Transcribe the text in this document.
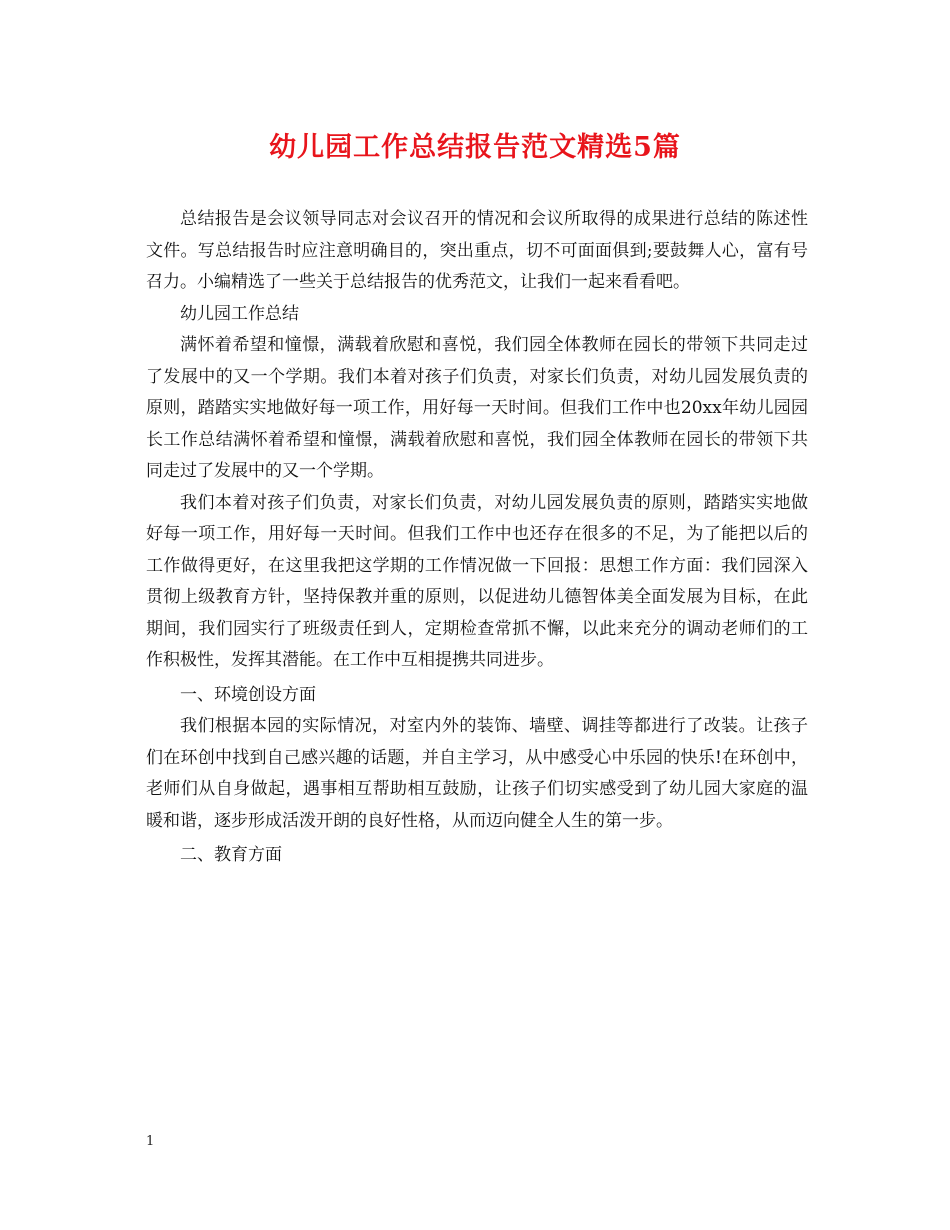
幼儿园工作总结报告范文精选5篇

总结报告是会议领导同志对会议召开的情况和会议所取得的成果进行总结的陈述性文件。写总结报告时应注意明确目的，突出重点，切不可面面俱到;要鼓舞人心，富有号召力。小编精选了一些关于总结报告的优秀范文，让我们一起来看看吧。

幼儿园工作总结

满怀着希望和憧憬，满载着欣慰和喜悦，我们园全体教师在园长的带领下共同走过了发展中的又一个学期。我们本着对孩子们负责，对家长们负责，对幼儿园发展负责的原则，踏踏实实地做好每一项工作，用好每一天时间。但我们工作中也20xx年幼儿园园长工作总结满怀着希望和憧憬，满载着欣慰和喜悦，我们园全体教师在园长的带领下共同走过了发展中的又一个学期。

我们本着对孩子们负责，对家长们负责，对幼儿园发展负责的原则，踏踏实实地做好每一项工作，用好每一天时间。但我们工作中也还存在很多的不足，为了能把以后的工作做得更好，在这里我把这学期的工作情况做一下回报：思想工作方面：我们园深入贯彻上级教育方针，坚持保教并重的原则，以促进幼儿德智体美全面发展为目标，在此期间，我们园实行了班级责任到人，定期检查常抓不懈，以此来充分的调动老师们的工作积极性，发挥其潜能。在工作中互相提携共同进步。

一、环境创设方面

我们根据本园的实际情况，对室内外的装饰、墙壁、调挂等都进行了改装。让孩子们在环创中找到自己感兴趣的话题，并自主学习，从中感受心中乐园的快乐!在环创中，老师们从自身做起，遇事相互帮助相互鼓励，让孩子们切实感受到了幼儿园大家庭的温暖和谐，逐步形成活泼开朗的良好性格，从而迈向健全人生的第一步。

二、教育方面

1
